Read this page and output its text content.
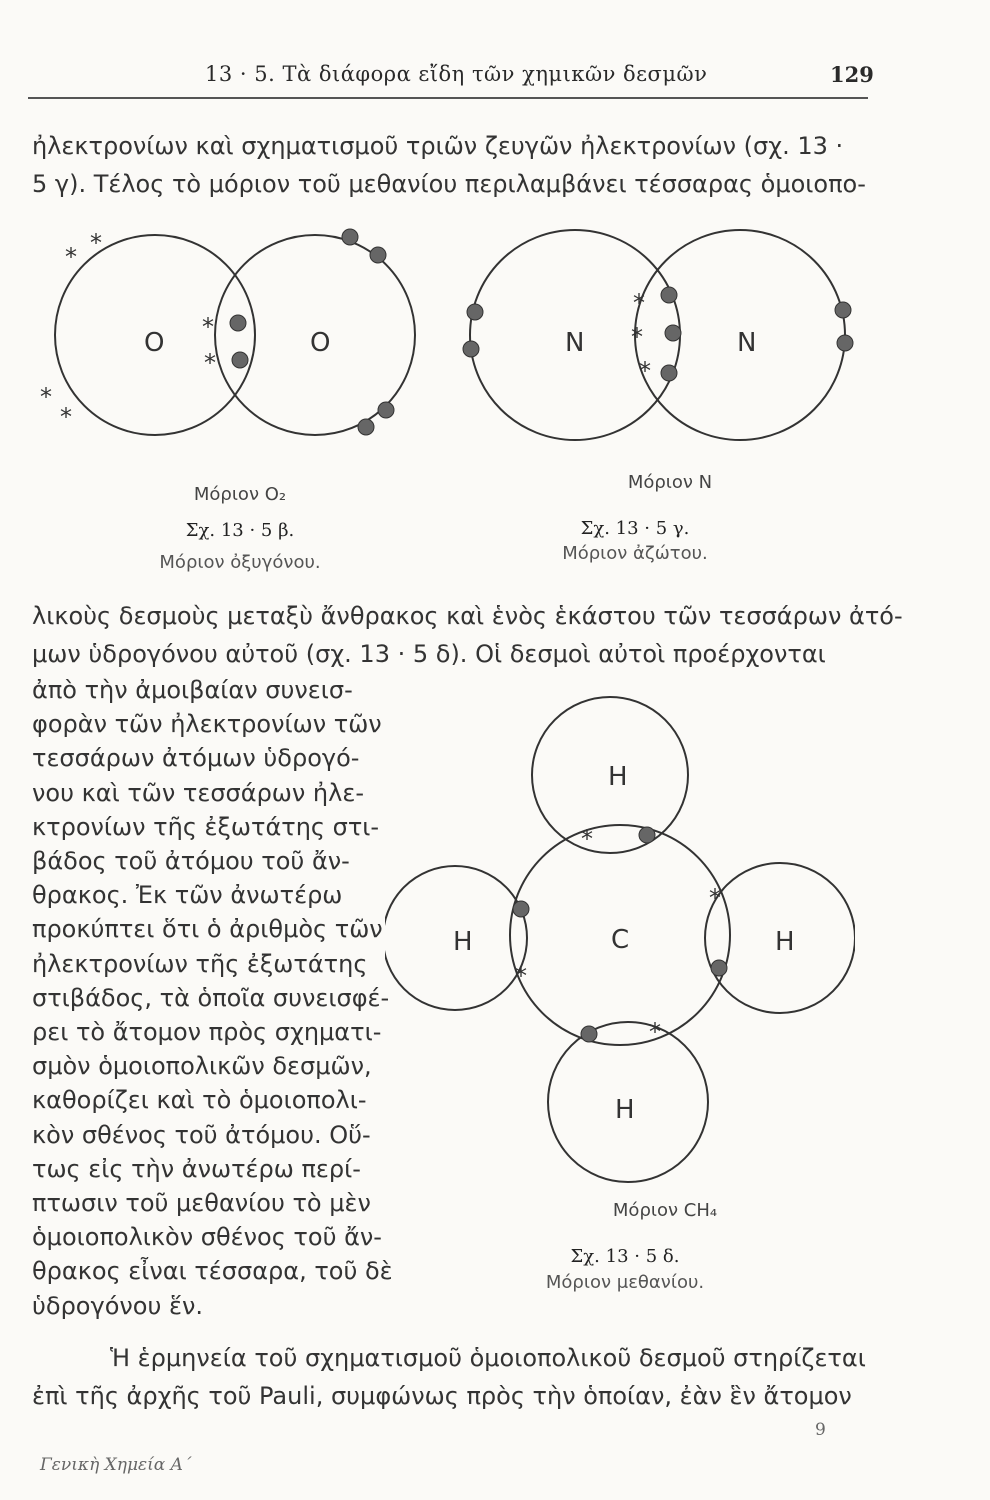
13 · 5. Τὰ διάφορα εἴδη τῶν χημικῶν δεσμῶν	129
ἠλεκτρονίων καὶ σχηματισμοῦ τριῶν ζευγῶν ἠλεκτρονίων (σχ. 13 ·
5 γ). Τέλος τὸ μόριον τοῦ μεθανίου περιλαμβάνει τέσσαρας ὁμοιοπο-
O	O
* *
*
*
*
*
Μόριον O₂
Σχ. 13 · 5 β.
Μόριον ὀξυγόνου.
N	N
*
*
*
Μόριον N
Σχ. 13 · 5 γ.
Μόριον ἀζώτου.
λικοὺς δεσμοὺς μεταξὺ ἄνθρακος καὶ ἑνὸς ἑκάστου τῶν τεσσάρων ἀτό-
μων ὑδρογόνου αὐτοῦ (σχ. 13 · 5 δ). Οἱ δεσμοὶ αὐτοὶ προέρχονται
ἀπὸ τὴν ἀμοιβαίαν συνεισ-
φορὰν τῶν ἠλεκτρονίων τῶν
τεσσάρων ἀτόμων ὑδρογό-
νου καὶ τῶν τεσσάρων ἠλε-
κτρονίων τῆς ἐξωτάτης στι-
βάδος τοῦ ἀτόμου τοῦ ἄν-
θρακος. Ἐκ τῶν ἀνωτέρω
προκύπτει ὅτι ὁ ἀριθμὸς τῶν
ἠλεκτρονίων τῆς ἐξωτάτης
στιβάδος, τὰ ὁποῖα συνεισφέ-
ρει τὸ ἄτομον πρὸς σχηματι-
σμὸν ὁμοιοπολικῶν δεσμῶν,
καθορίζει καὶ τὸ ὁμοιοπολι-
κὸν σθένος τοῦ ἀτόμου. Οὕ-
τως εἰς τὴν ἀνωτέρω περί-
πτωσιν τοῦ μεθανίου τὸ μὲν
ὁμοιοπολικὸν σθένος τοῦ ἄν-
θρακος εἶναι τέσσαρα, τοῦ δὲ
ὑδρογόνου ἕν.
H
H	C	H
H
*
*
*
*
Μόριον CH₄
Σχ. 13 · 5 δ.
Μόριον μεθανίου.
Ἡ ἑρμηνεία τοῦ σχηματισμοῦ ὁμοιοπολικοῦ δεσμοῦ στηρίζεται
ἐπὶ τῆς ἀρχῆς τοῦ Pauli, συμφώνως πρὸς τὴν ὁποίαν, ἐὰν ἓν ἄτομον
Γενικὴ Χημεία Α΄
9
